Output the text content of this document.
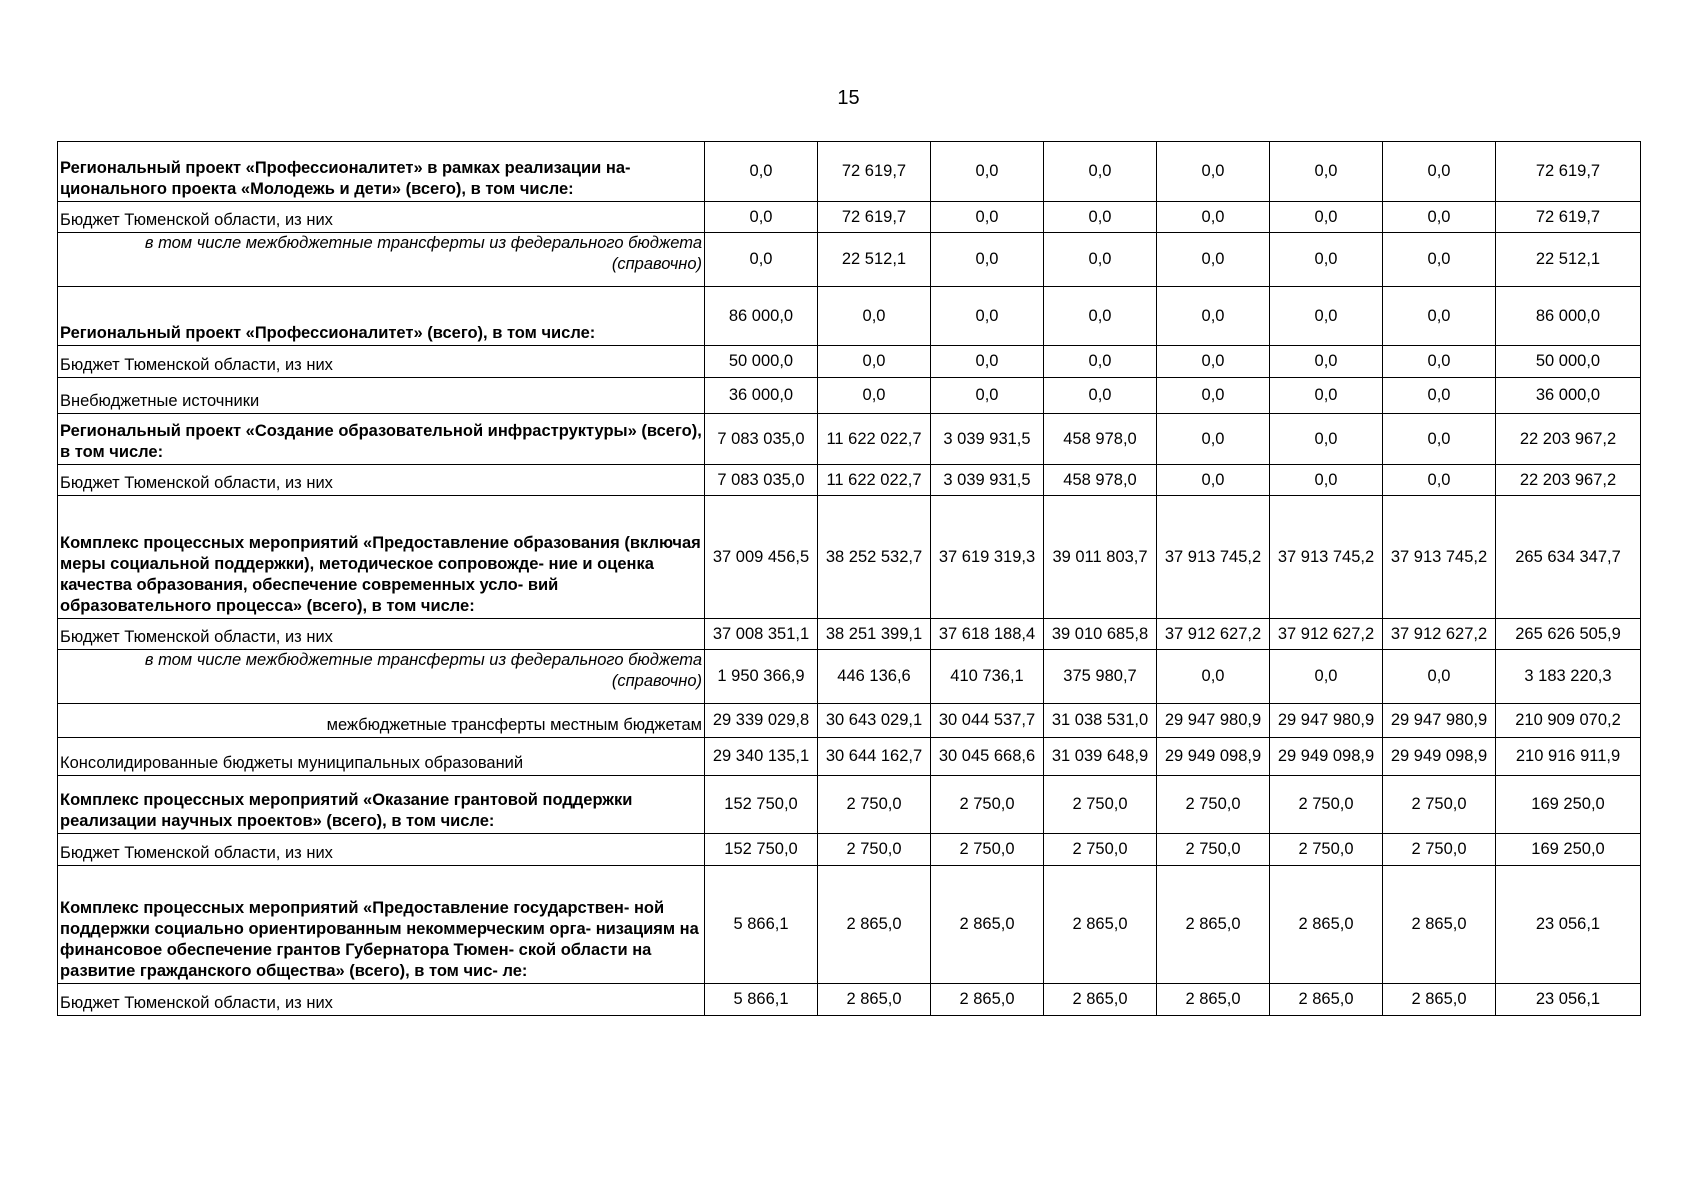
15
Региональный проект «Профессионалитет» в рамках реализации на- ционального проекта «Молодежь и дети» (всего), в том числе:	0,0	72 619,7	0,0	0,0	0,0	0,0	0,0	72 619,7
Бюджет Тюменской области, из них	0,0	72 619,7	0,0	0,0	0,0	0,0	0,0	72 619,7
в том числе межбюджетные трансферты из федерального бюджета (справочно)	0,0	22 512,1	0,0	0,0	0,0	0,0	0,0	22 512,1
Региональный проект «Профессионалитет» (всего), в том числе:	86 000,0	0,0	0,0	0,0	0,0	0,0	0,0	86 000,0
Бюджет Тюменской области, из них	50 000,0	0,0	0,0	0,0	0,0	0,0	0,0	50 000,0
Внебюджетные источники	36 000,0	0,0	0,0	0,0	0,0	0,0	0,0	36 000,0
Региональный проект «Создание образовательной инфраструктуры» (всего), в том числе:	7 083 035,0	11 622 022,7	3 039 931,5	458 978,0	0,0	0,0	0,0	22 203 967,2
Бюджет Тюменской области, из них	7 083 035,0	11 622 022,7	3 039 931,5	458 978,0	0,0	0,0	0,0	22 203 967,2
Комплекс процессных мероприятий «Предоставление образования (включая меры социальной поддержки), методическое сопровожде- ние и оценка качества образования, обеспечение современных усло- вий образовательного процесса» (всего), в том числе:	37 009 456,5	38 252 532,7	37 619 319,3	39 011 803,7	37 913 745,2	37 913 745,2	37 913 745,2	265 634 347,7
Бюджет Тюменской области, из них	37 008 351,1	38 251 399,1	37 618 188,4	39 010 685,8	37 912 627,2	37 912 627,2	37 912 627,2	265 626 505,9
в том числе межбюджетные трансферты из федерального бюджета (справочно)	1 950 366,9	446 136,6	410 736,1	375 980,7	0,0	0,0	0,0	3 183 220,3
межбюджетные трансферты местным бюджетам	29 339 029,8	30 643 029,1	30 044 537,7	31 038 531,0	29 947 980,9	29 947 980,9	29 947 980,9	210 909 070,2
Консолидированные бюджеты муниципальных образований	29 340 135,1	30 644 162,7	30 045 668,6	31 039 648,9	29 949 098,9	29 949 098,9	29 949 098,9	210 916 911,9
Комплекс процессных мероприятий «Оказание грантовой поддержки реализации научных проектов» (всего), в том числе:	152 750,0	2 750,0	2 750,0	2 750,0	2 750,0	2 750,0	2 750,0	169 250,0
Бюджет Тюменской области, из них	152 750,0	2 750,0	2 750,0	2 750,0	2 750,0	2 750,0	2 750,0	169 250,0
Комплекс процессных мероприятий «Предоставление государствен- ной поддержки социально ориентированным некоммерческим орга- низациям на финансовое обеспечение грантов Губернатора Тюмен- ской области на развитие гражданского общества» (всего), в том чис- ле:	5 866,1	2 865,0	2 865,0	2 865,0	2 865,0	2 865,0	2 865,0	23 056,1
Бюджет Тюменской области, из них	5 866,1	2 865,0	2 865,0	2 865,0	2 865,0	2 865,0	2 865,0	23 056,1
